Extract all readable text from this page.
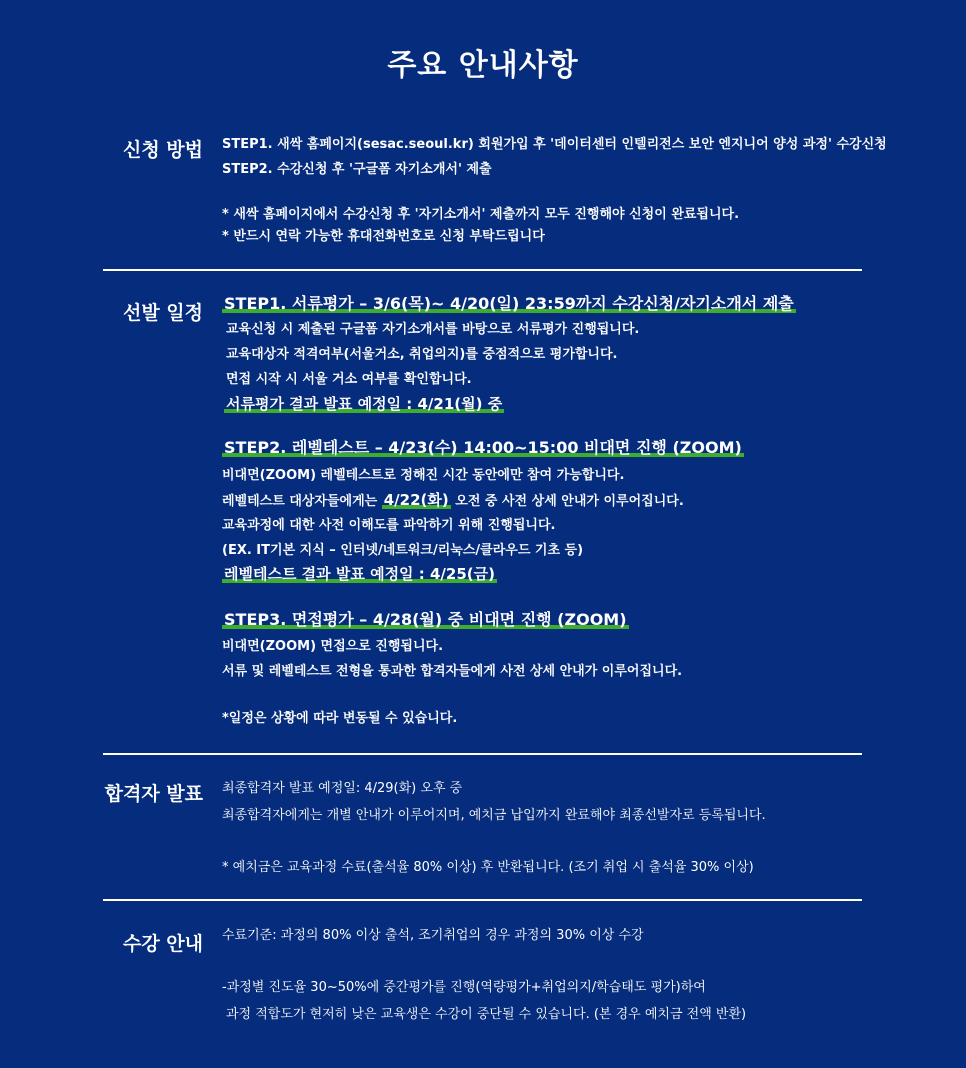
주요 안내사항
신청 방법 STEP1. 새싹 홈페이지(sesac.seoul.kr) 회원가입 후 '데이터센터 인텔리전스 보안 엔지니어 양성 과정' 수강신청
STEP2. 수강신청 후 '구글폼 자기소개서' 제출
* 새싹 홈페이지에서 수강신청 후 '자기소개서' 제출까지 모두 진행해야 신청이 완료됩니다.
* 반드시 연락 가능한 휴대전화번호로 신청 부탁드립니다
선발 일정 STEP1. 서류평가 – 3/6(목)~ 4/20(일) 23:59까지 수강신청/자기소개서 제출
교육신청 시 제출된 구글폼 자기소개서를 바탕으로 서류평가 진행됩니다.
교육대상자 적격여부(서울거소, 취업의지)를 중점적으로 평가합니다.
면접 시작 시 서울 거소 여부를 확인합니다.
서류평가 결과 발표 예정일 : 4/21(월) 중
STEP2. 레벨테스트 – 4/23(수) 14:00~15:00 비대면 진행 (ZOOM)
비대면(ZOOM) 레벨테스트로 정해진 시간 동안에만 참여 가능합니다.
레벨테스트 대상자들에게는 4/22(화) 오전 중 사전 상세 안내가 이루어집니다.
교육과정에 대한 사전 이해도를 파악하기 위해 진행됩니다.
(EX. IT기본 지식 – 인터넷/네트워크/리눅스/클라우드 기초 등)
레벨테스트 결과 발표 예정일 : 4/25(금)
STEP3. 면접평가 – 4/28(월) 중 비대면 진행 (ZOOM)
비대면(ZOOM) 면접으로 진행됩니다.
서류 및 레벨테스트 전형을 통과한 합격자들에게 사전 상세 안내가 이루어집니다.
*일정은 상황에 따라 변동될 수 있습니다.
합격자 발표 최종합격자 발표 예정일: 4/29(화) 오후 중
최종합격자에게는 개별 안내가 이루어지며, 예치금 납입까지 완료해야 최종선발자로 등록됩니다.
* 예치금은 교육과정 수료(출석율 80% 이상) 후 반환됩니다. (조기 취업 시 출석율 30% 이상)
수강 안내 수료기준: 과정의 80% 이상 출석, 조기취업의 경우 과정의 30% 이상 수강
-과정별 진도율 30~50%에 중간평가를 진행(역량평가+취업의지/학습태도 평가)하여
과정 적합도가 현저히 낮은 교육생은 수강이 중단될 수 있습니다. (본 경우 예치금 전액 반환)
